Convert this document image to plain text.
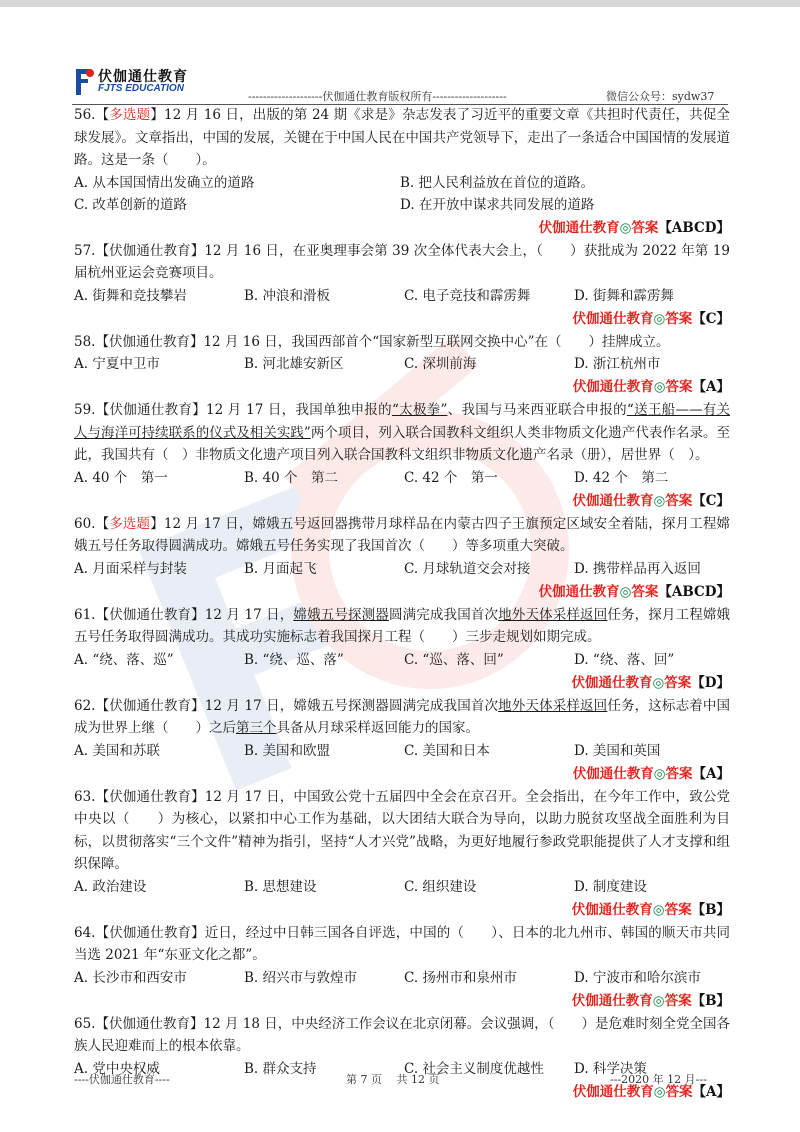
伏伽通仕教育
FJTS EDUCATION
--------------------伏伽通仕教育版权所有--------------------	微信公众号：sydw37

56.【多选题】12 月 16 日，出版的第 24 期《求是》杂志发表了习近平的重要文章《共担时代责任，共促全球发展》。文章指出，中国的发展，关键在于中国人民在中国共产党领导下，走出了一条适合中国国情的发展道路。这是一条（　　）。

A. 从本国国情出发确立的道路	B. 把人民利益放在首位的道路。
C. 改革创新的道路	D. 在开放中谋求共同发展的道路
伏伽通仕教育◎答案【ABCD】

57.【伏伽通仕教育】12 月 16 日，在亚奥理事会第 39 次全体代表大会上，（　　）获批成为 2022 年第 19 届杭州亚运会竞赛项目。

A. 街舞和竞技攀岩	B. 冲浪和滑板	C. 电子竞技和霹雳舞	D. 街舞和霹雳舞
伏伽通仕教育◎答案【C】

58.【伏伽通仕教育】12 月 16 日，我国西部首个“国家新型互联网交换中心”在（　　）挂牌成立。

A. 宁夏中卫市	B. 河北雄安新区	C. 深圳前海	D. 浙江杭州市
伏伽通仕教育◎答案【A】

59.【伏伽通仕教育】12 月 17 日，我国单独申报的“太极拳”、我国与马来西亚联合申报的“送王船——有关人与海洋可持续联系的仪式及相关实践”两个项目，列入联合国教科文组织人类非物质文化遗产代表作名录。至此，我国共有（　）非物质文化遗产项目列入联合国教科文组织非物质文化遗产名录（册），居世界（　）。

A. 40 个　第一	B. 40 个　第二	C. 42 个　第一	D. 42 个　第二
伏伽通仕教育◎答案【C】

60.【多选题】12 月 17 日，嫦娥五号返回器携带月球样品在内蒙古四子王旗预定区域安全着陆，探月工程嫦娥五号任务取得圆满成功。嫦娥五号任务实现了我国首次（　　）等多项重大突破。

A. 月面采样与封装	B. 月面起飞	C. 月球轨道交会对接	D. 携带样品再入返回
伏伽通仕教育◎答案【ABCD】

61.【伏伽通仕教育】12 月 17 日，嫦娥五号探测器圆满完成我国首次地外天体采样返回任务，探月工程嫦娥五号任务取得圆满成功。其成功实施标志着我国探月工程（　　）三步走规划如期完成。

A. “绕、落、巡”	B. “绕、巡、落”	C. “巡、落、回”	D. “绕、落、回”
伏伽通仕教育◎答案【D】

62.【伏伽通仕教育】12 月 17 日，嫦娥五号探测器圆满完成我国首次地外天体采样返回任务，这标志着中国成为世界上继（　　）之后第三个具备从月球采样返回能力的国家。

A. 美国和苏联	B. 美国和欧盟	C. 美国和日本	D. 美国和英国
伏伽通仕教育◎答案【A】

63.【伏伽通仕教育】12 月 17 日，中国致公党十五届四中全会在京召开。全会指出，在今年工作中，致公党中央以（　　）为核心，以紧扣中心工作为基础，以大团结大联合为导向，以助力脱贫攻坚战全面胜利为目标，以贯彻落实“三个文件”精神为指引，坚持“人才兴党”战略，为更好地履行参政党职能提供了人才支撑和组织保障。

A. 政治建设	B. 思想建设	C. 组织建设	D. 制度建设
伏伽通仕教育◎答案【B】

64.【伏伽通仕教育】近日，经过中日韩三国各自评选，中国的（　　）、日本的北九州市、韩国的顺天市共同当选 2021 年“东亚文化之都”。

A. 长沙市和西安市	B. 绍兴市与敦煌市	C. 扬州市和泉州市	D. 宁波市和哈尔滨市
伏伽通仕教育◎答案【B】

65.【伏伽通仕教育】12 月 18 日，中央经济工作会议在北京闭幕。会议强调，（　　）是危难时刻全党全国各族人民迎难而上的根本依靠。

A. 党中央权威	B. 群众支持	C. 社会主义制度优越性	D. 科学决策
伏伽通仕教育◎答案【A】
----伏伽通仕教育----	第 7 页　 共 12 页	---2020 年 12 月---
